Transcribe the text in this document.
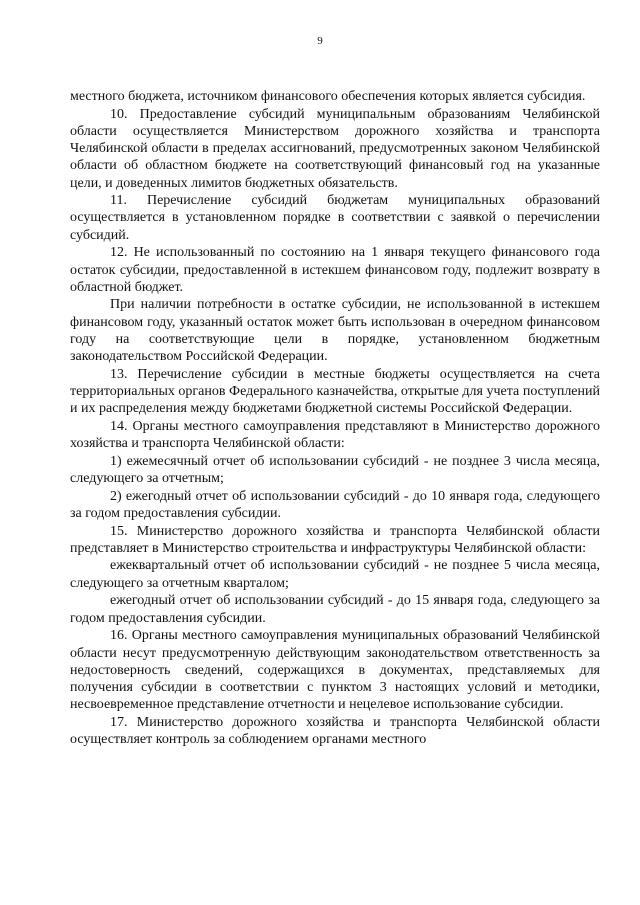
9

местного бюджета, источником финансового обеспечения которых является субсидия.

10. Предоставление субсидий муниципальным образованиям Челябинской области осуществляется Министерством дорожного хозяйства и транспорта Челябинской области в пределах ассигнований, предусмотренных законом Челябинской области об областном бюджете на соответствующий финансовый год на указанные цели, и доведенных лимитов бюджетных обязательств.

11. Перечисление субсидий бюджетам муниципальных образований осуществляется в установленном порядке в соответствии с заявкой о перечислении субсидий.

12. Не использованный по состоянию на 1 января текущего финансового года остаток субсидии, предоставленной в истекшем финансовом году, подлежит возврату в областной бюджет.

При наличии потребности в остатке субсидии, не использованной в истекшем финансовом году, указанный остаток может быть использован в очередном финансовом году на соответствующие цели в порядке, установленном бюджетным законодательством Российской Федерации.

13. Перечисление субсидии в местные бюджеты осуществляется на счета территориальных органов Федерального казначейства, открытые для учета поступлений и их распределения между бюджетами бюджетной системы Российской Федерации.

14. Органы местного самоуправления представляют в Министерство дорожного хозяйства и транспорта Челябинской области:

1) ежемесячный отчет об использовании субсидий - не позднее 3 числа месяца, следующего за отчетным;

2) ежегодный отчет об использовании субсидий - до 10 января года, следующего за годом предоставления субсидии.

15. Министерство дорожного хозяйства и транспорта Челябинской области представляет в Министерство строительства и инфраструктуры Челябинской области:

ежеквартальный отчет об использовании субсидий - не позднее 5 числа месяца, следующего за отчетным кварталом;

ежегодный отчет об использовании субсидий - до 15 января года, следующего за годом предоставления субсидии.

16. Органы местного самоуправления муниципальных образований Челябинской области несут предусмотренную действующим законодательством ответственность за недостоверность сведений, содержащихся в документах, представляемых для получения субсидии в соответствии с пунктом 3 настоящих условий и методики, несвоевременное представление отчетности и нецелевое использование субсидии.

17. Министерство дорожного хозяйства и транспорта Челябинской области осуществляет контроль за соблюдением органами местного
